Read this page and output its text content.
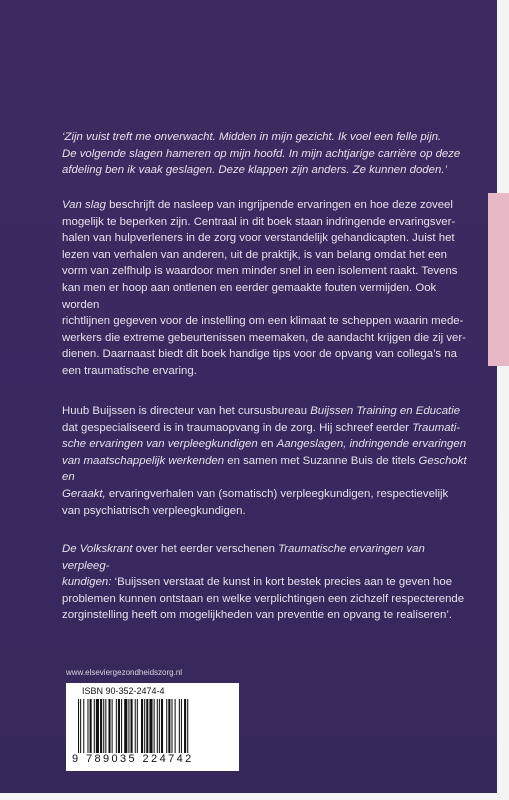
‘Zijn vuist treft me onverwacht. Midden in mijn gezicht. Ik voel een felle pijn.

De volgende slagen hameren op mijn hoofd. In mijn achtjarige carrière op deze

afdeling ben ik vaak geslagen. Deze klappen zijn anders. Ze kunnen doden.’

Van slag beschrijft de nasleep van ingrijpende ervaringen en hoe deze zoveel

mogelijk te beperken zijn. Centraal in dit boek staan indringende ervaringsver-

halen van hulpverleners in de zorg voor verstandelijk gehandicapten. Juist het

lezen van verhalen van anderen, uit de praktijk, is van belang omdat het een

vorm van zelfhulp is waardoor men minder snel in een isolement raakt. Tevens

kan men er hoop aan ontlenen en eerder gemaakte fouten vermijden. Ook worden

richtlijnen gegeven voor de instelling om een klimaat te scheppen waarin mede-

werkers die extreme gebeurtenissen meemaken, de aandacht krijgen die zij ver-

dienen. Daarnaast biedt dit boek handige tips voor de opvang van collega’s na

een traumatische ervaring.

Huub Buijssen is directeur van het cursusbureau Buijssen Training en Educatie

dat gespecialiseerd is in traumaopvang in de zorg. Hij schreef eerder Traumati-

sche ervaringen van verpleegkundigen en Aangeslagen, indringende ervaringen

van maatschappelijk werkenden en samen met Suzanne Buis de titels Geschokt en

Geraakt, ervaringverhalen van (somatisch) verpleegkundigen, respectievelijk

van psychiatrisch verpleegkundigen.

De Volkskrant over het eerder verschenen Traumatische ervaringen van verpleeg-

kundigen: ‘Buijssen verstaat de kunst in kort bestek precies aan te geven hoe

problemen kunnen ontstaan en welke verplichtingen een zichzelf respecterende

zorginstelling heeft om mogelijkheden van preventie en opvang te realiseren’.

www.elseviergezondheidszorg.nl
ISBN 90-352-2474-4
9 789035 224742
